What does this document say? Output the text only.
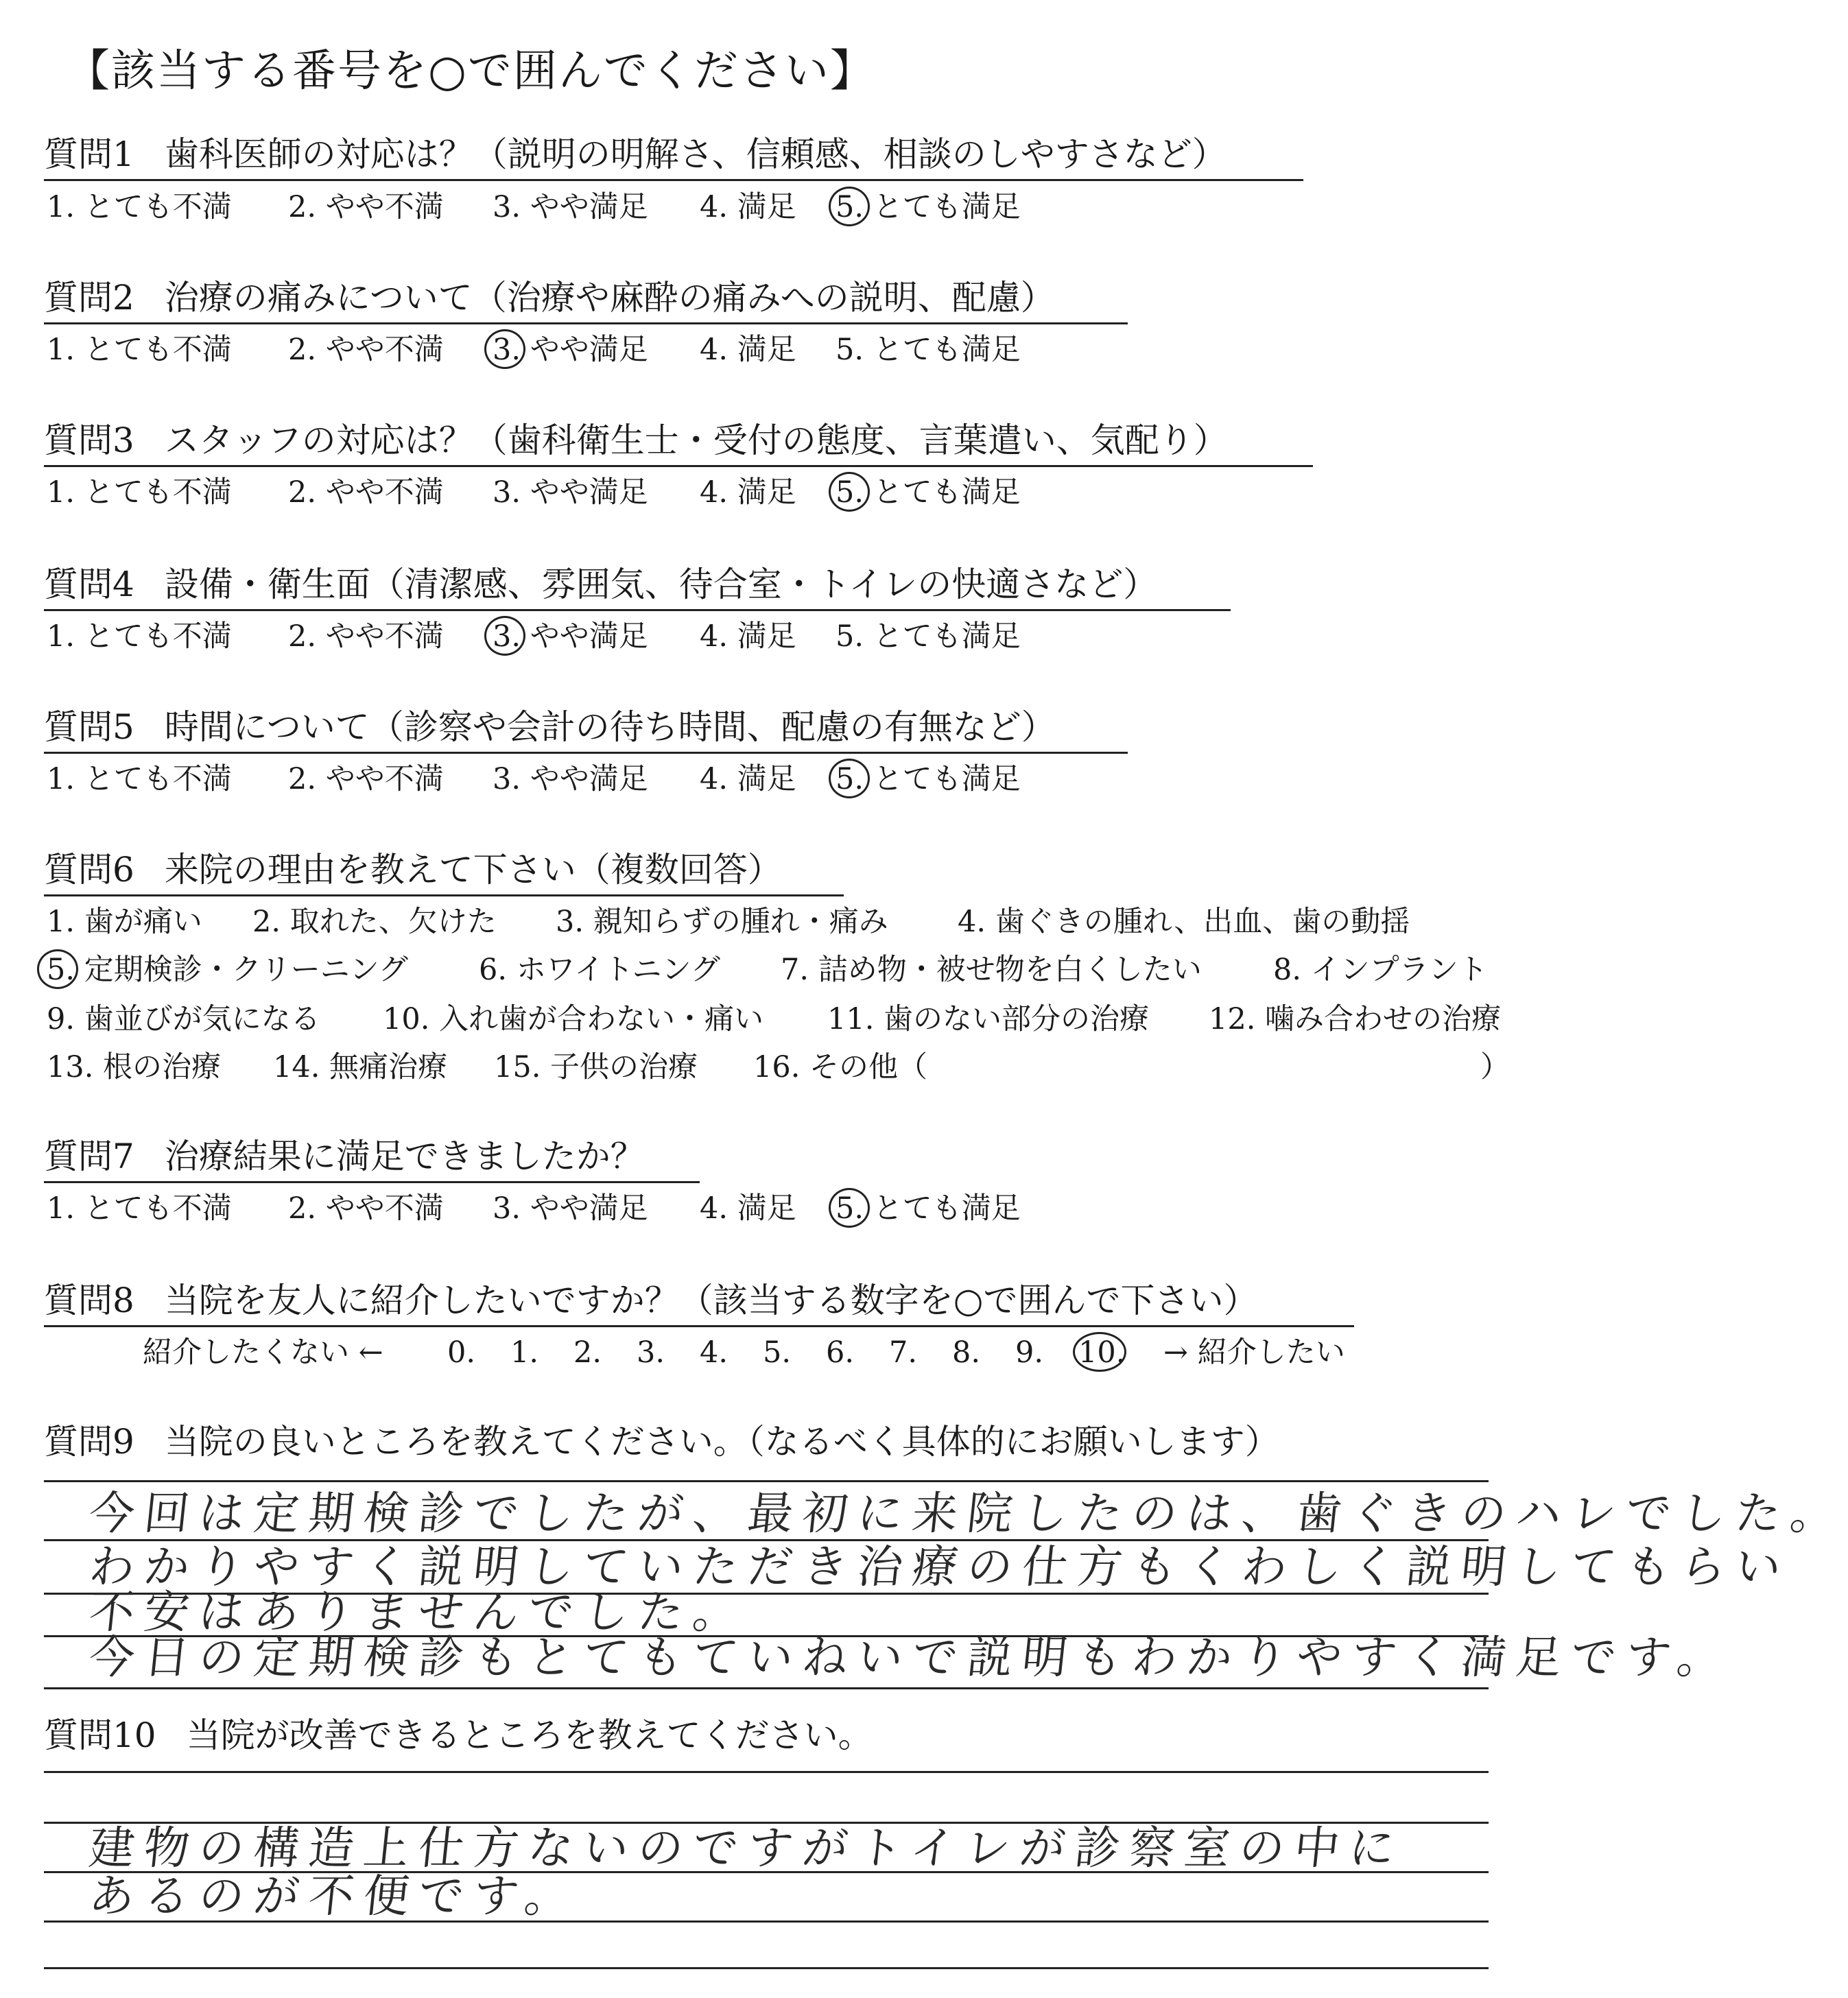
【該当する番号を○で囲んでください】
質問1 歯科医師の対応は？（説明の明解さ、信頼感、相談のしやすさなど）
1. とても不満 2. やや不満 3. やや満足 4. 満足 5. とても満足
質問2 治療の痛みについて（治療や麻酔の痛みへの説明、配慮）
1. とても不満 2. やや不満 3. やや満足 4. 満足 5. とても満足
質問3 スタッフの対応は？（歯科衛生士・受付の態度、言葉遣い、気配り）
1. とても不満 2. やや不満 3. やや満足 4. 満足 5. とても満足
質問4 設備・衛生面（清潔感、雰囲気、待合室・トイレの快適さなど）
1. とても不満 2. やや不満 3. やや満足 4. 満足 5. とても満足
質問5 時間について（診察や会計の待ち時間、配慮の有無など）
1. とても不満 2. やや不満 3. やや満足 4. 満足 5. とても満足
質問6 来院の理由を教えて下さい（複数回答）
1. 歯が痛い 2. 取れた、欠けた 3. 親知らずの腫れ・痛み 4. 歯ぐきの腫れ、出血、歯の動揺
5. 定期検診・クリーニング 6. ホワイトニング 7. 詰め物・被せ物を白くしたい 8. インプラント
9. 歯並びが気になる 10. 入れ歯が合わない・痛い 11. 歯のない部分の治療 12. 噛み合わせの治療
13. 根の治療 14. 無痛治療 15. 子供の治療 16. その他（	）
質問7 治療結果に満足できましたか？
1. とても不満 2. やや不満 3. やや満足 4. 満足 5. とても満足
質問8 当院を友人に紹介したいですか？（該当する数字を○で囲んで下さい）
紹介したくない ← 0. 1. 2. 3. 4. 5. 6. 7. 8. 9. 10. → 紹介したい
質問9 当院の良いところを教えてください。（なるべく具体的にお願いします）
今回は定期検診でしたが、最初に来院したのは、歯ぐきのハレでした。
わかりやすく説明していただき治療の仕方もくわしく説明してもらい
不安はありませんでした。
今日の定期検診もとてもていねいで説明もわかりやすく満足です。
質問10 当院が改善できるところを教えてください。
建物の構造上仕方ないのですがトイレが診察室の中に
あるのが不便です。
